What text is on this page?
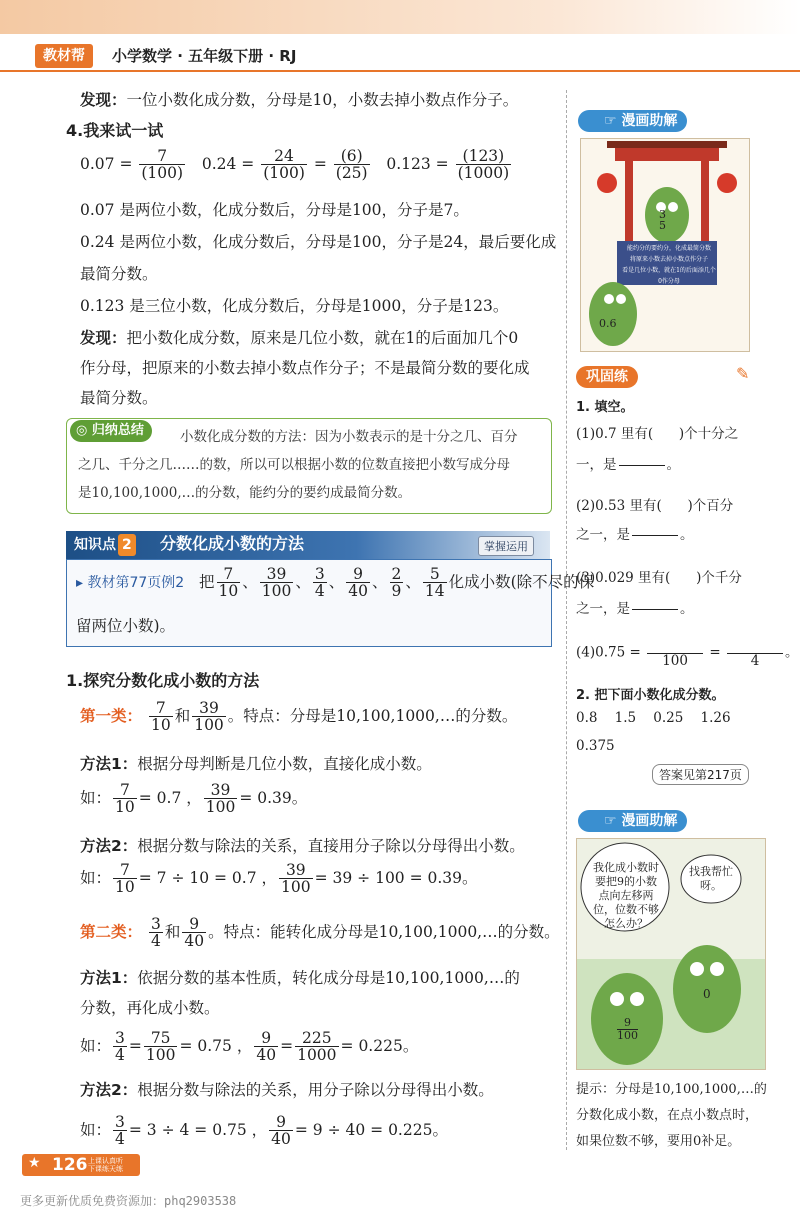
教材帮	小学数学 · 五年级下册 · RJ
发现：一位小数化成分数，分母是10，小数去掉小数点作分子。
4.我来试一试
$0.07 = \frac{7}{(100)} 0.24 = \frac{24}{(100)} = \frac{(6)}{(25)} 0.123 = \frac{(123)}{(1000)}$
0.07 是两位小数，化成分数后，分母是100，分子是7。
0.24 是两位小数，化成分数后，分母是100，分子是24，最后要化成
最简分数。
0.123 是三位小数，化成分数后，分母是1000，分子是123。
发现：把小数化成分数，原来是几位小数，就在1的后面加几个0
作分母，把原来的小数去掉小数点作分子；不是最简分数的要化成
最简分数。
◎ 归纳总结	小数化成分数的方法：因为小数表示的是十分之几、百分
之几、千分之几……的数，所以可以根据小数的位数直接把小数写成分母
是10,100,1000,…的分数，能约分的要约成最简分数。
知识点 2 分数化成小数的方法	掌握运用
▸ 教材第77页例2 把 $\frac{7}{10}$ 、 $\frac{39}{100}$ 、 $\frac{3}{4}$ 、 $\frac{9}{40}$ 、 $\frac{2}{9}$ 、 $\frac{5}{14}$ 化成小数(除不尽的保
留两位小数)。
1.探究分数化成小数的方法
第一类： $\frac{7}{10}$ 和 $\frac{39}{100}$ 。特点：分母是10,100,1000,…的分数。
方法1：根据分母判断是几位小数，直接化成小数。
如： $\frac{7}{10} = 0.7$ ， $\frac{39}{100} = 0.39$。
方法2：根据分数与除法的关系，直接用分子除以分母得出小数。
如： $\frac{7}{10} = 7 \div 10 = 0.7$ ， $\frac{39}{100} = 39 \div 100 = 0.39$。
第二类： $\frac{3}{4}$ 和 $\frac{9}{40}$ 。特点：能转化成分母是10,100,1000,…的分数。
方法1：依据分数的基本性质，转化成分母是10,100,1000,…的
分数，再化成小数。
如： $\frac{3}{4} = \frac{75}{100} = 0.75$ ， $\frac{9}{40} = \frac{225}{1000} = 0.225$。
方法2：根据分数与除法的关系，用分子除以分母得出小数。
如： $\frac{3}{4} = 3 \div 4 = 0.75$ ， $\frac{9}{40} = 9 \div 40 = 0.225$。
☞ 漫画助解
3
5
能约分的要约分，化成最简分数
将原来小数去掉小数点作分子
看是几位小数，就在1的后面添几个0作分母
0.6
巩固练	✎
1. 填空。
(1)0.7 里有( )个十分之
一，是	。
(2)0.53 里有( )个百分
之一，是	。
(3)0.029 里有( )个千分
之一，是	。
(4)0.75 =
100
=
4
。
2. 把下面小数化成分数。
0.8    1.5    0.25    1.26
0.375
答案见第217页
☞ 漫画助解
我化成小数时要把9的小数点向左移两位，位数不够怎么办？
找我帮忙呀。
9
100
0
提示：分母是10,100,1000,…的
分数化成小数，在点小数点时，
如果位数不够，要用0补足。
★ 126 上课认真听
下课练天练
更多更新优质免费资源加：phq2903538
